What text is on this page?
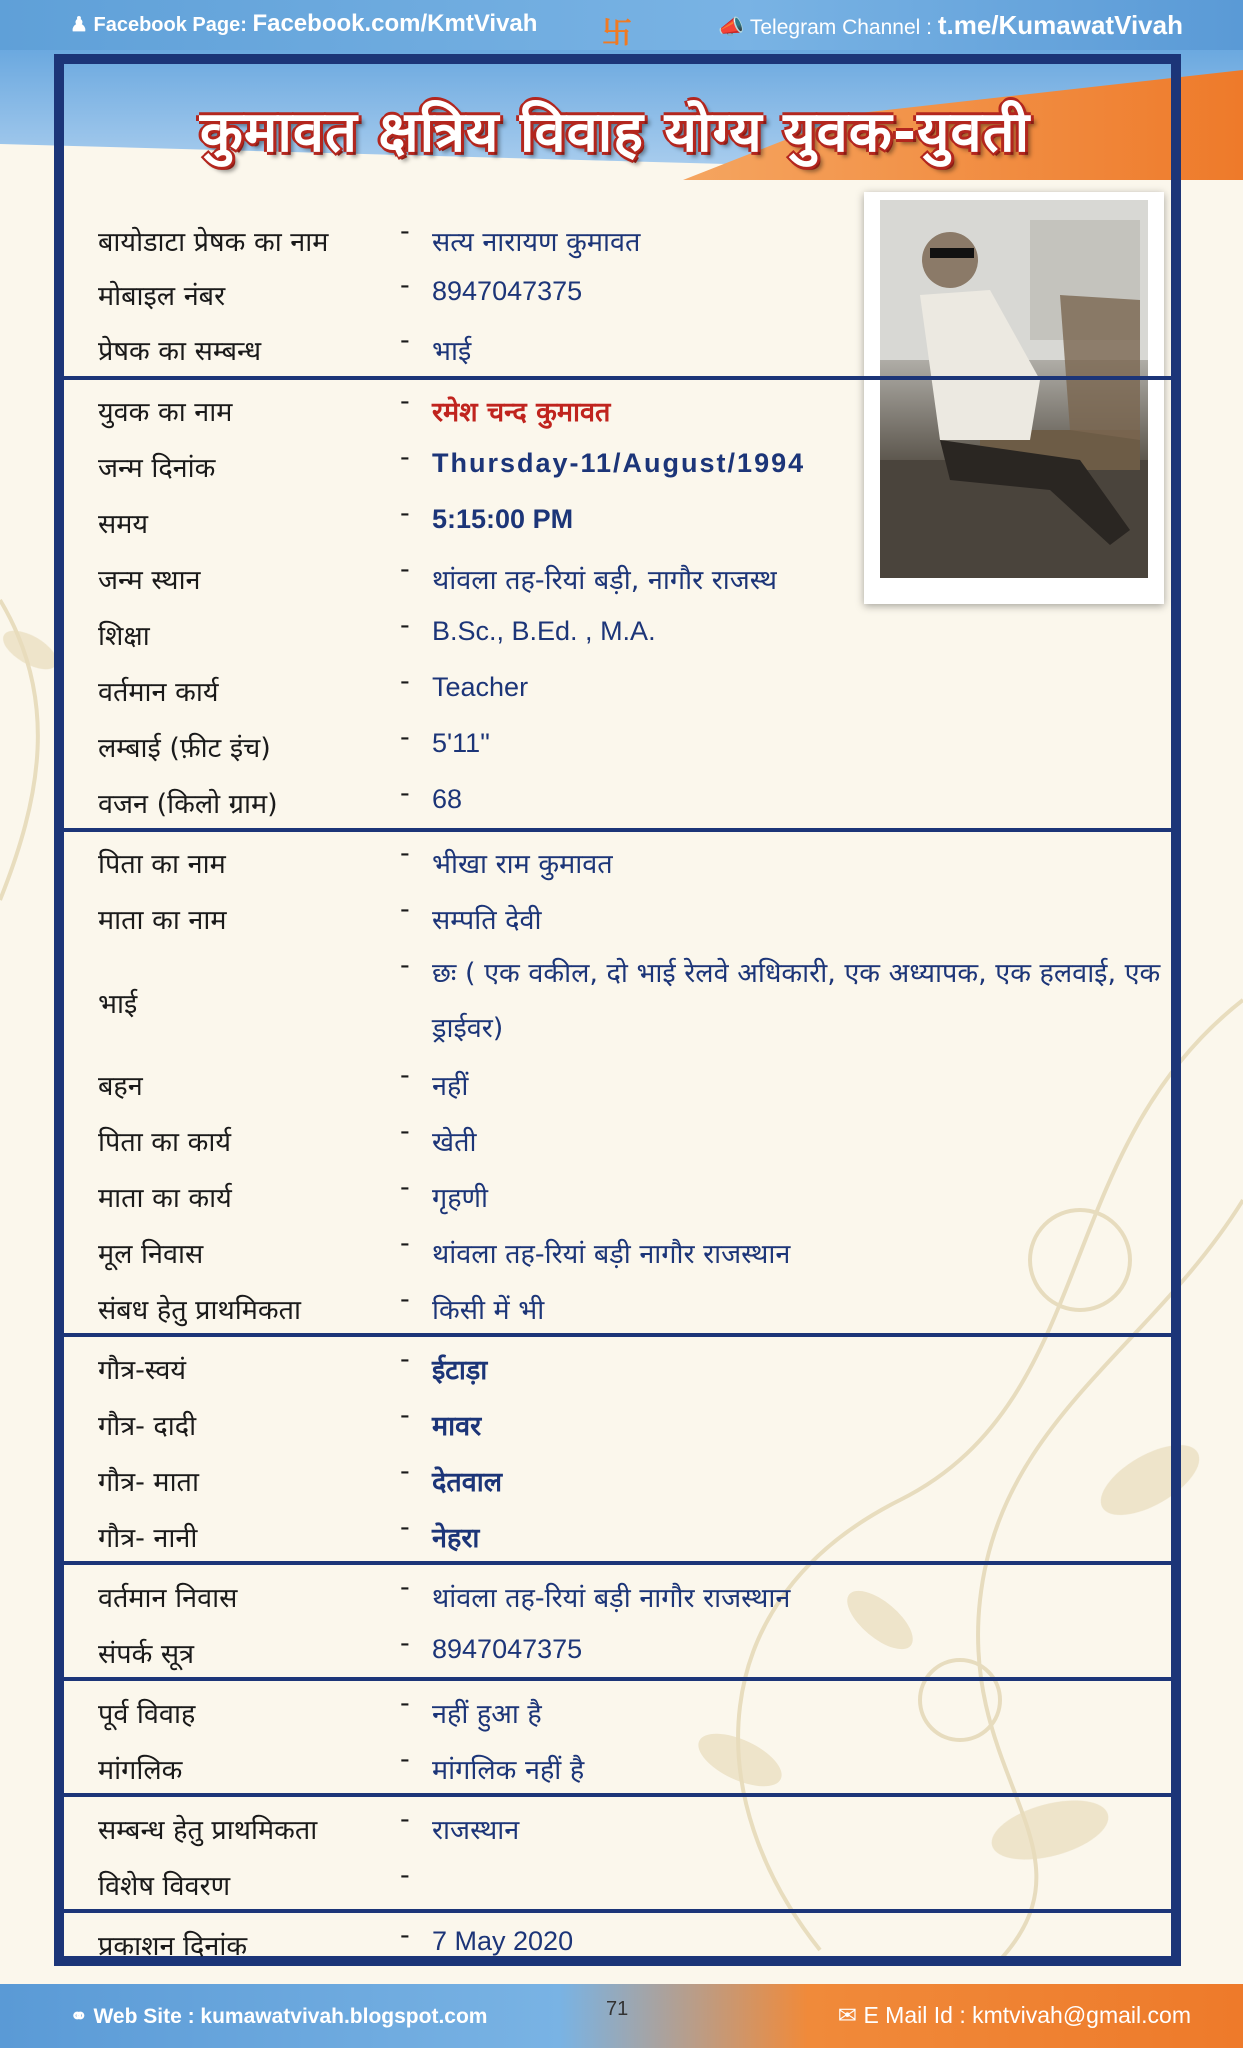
♟ Facebook Page: Facebook.com/KmtVivah 卐	📣 Telegram Channel : t.me/KumawatVivah
कुमावत क्षत्रिय विवाह योग्य युवक-युवती
बायोडाटा प्रेषक का नाम	- सत्य नारायण कुमावत
मोबाइल नंबर	- 8947047375
प्रेषक का सम्बन्ध	- भाई
युवक का नाम	- रमेश चन्द कुमावत
जन्म दिनांक	- Thursday-11/August/1994
समय	- 5:15:00 PM
जन्म स्थान	- थांवला तह-रियां बड़ी, नागौर राजस्थ
शिक्षा	- B.Sc., B.Ed. , M.A.
वर्तमान कार्य	- Teacher
लम्बाई (फ़ीट इंच)	- 5'11"
वजन (किलो ग्राम)	- 68
पिता का नाम	- भीखा राम कुमावत
माता का नाम	- सम्पति देवी
भाई
- छः ( एक वकील, दो भाई रेलवे अधिकारी, एक अध्यापक, एक हलवाई, एक ड्राईवर)
बहन	- नहीं
पिता का कार्य	- खेती
माता का कार्य	- गृहणी
मूल निवास	- थांवला तह-रियां बड़ी नागौर राजस्थान
संबध हेतु प्राथमिकता	- किसी में भी
गौत्र-स्वयं	- ईटाड़ा
गौत्र- दादी	- मावर
गौत्र- माता	- देतवाल
गौत्र- नानी	- नेहरा
वर्तमान निवास	- थांवला तह-रियां बड़ी नागौर राजस्थान
संपर्क सूत्र	- 8947047375
पूर्व विवाह	- नहीं हुआ है
मांगलिक	- मांगलिक नहीं है
सम्बन्ध हेतु प्राथमिकता	- राजस्थान
विशेष विवरण	-
प्रकाशन दिनांक	- 7 May 2020
⚭ Web Site : kumawatvivah.blogspot.com	71	✉ E Mail Id : kmtvivah@gmail.com
